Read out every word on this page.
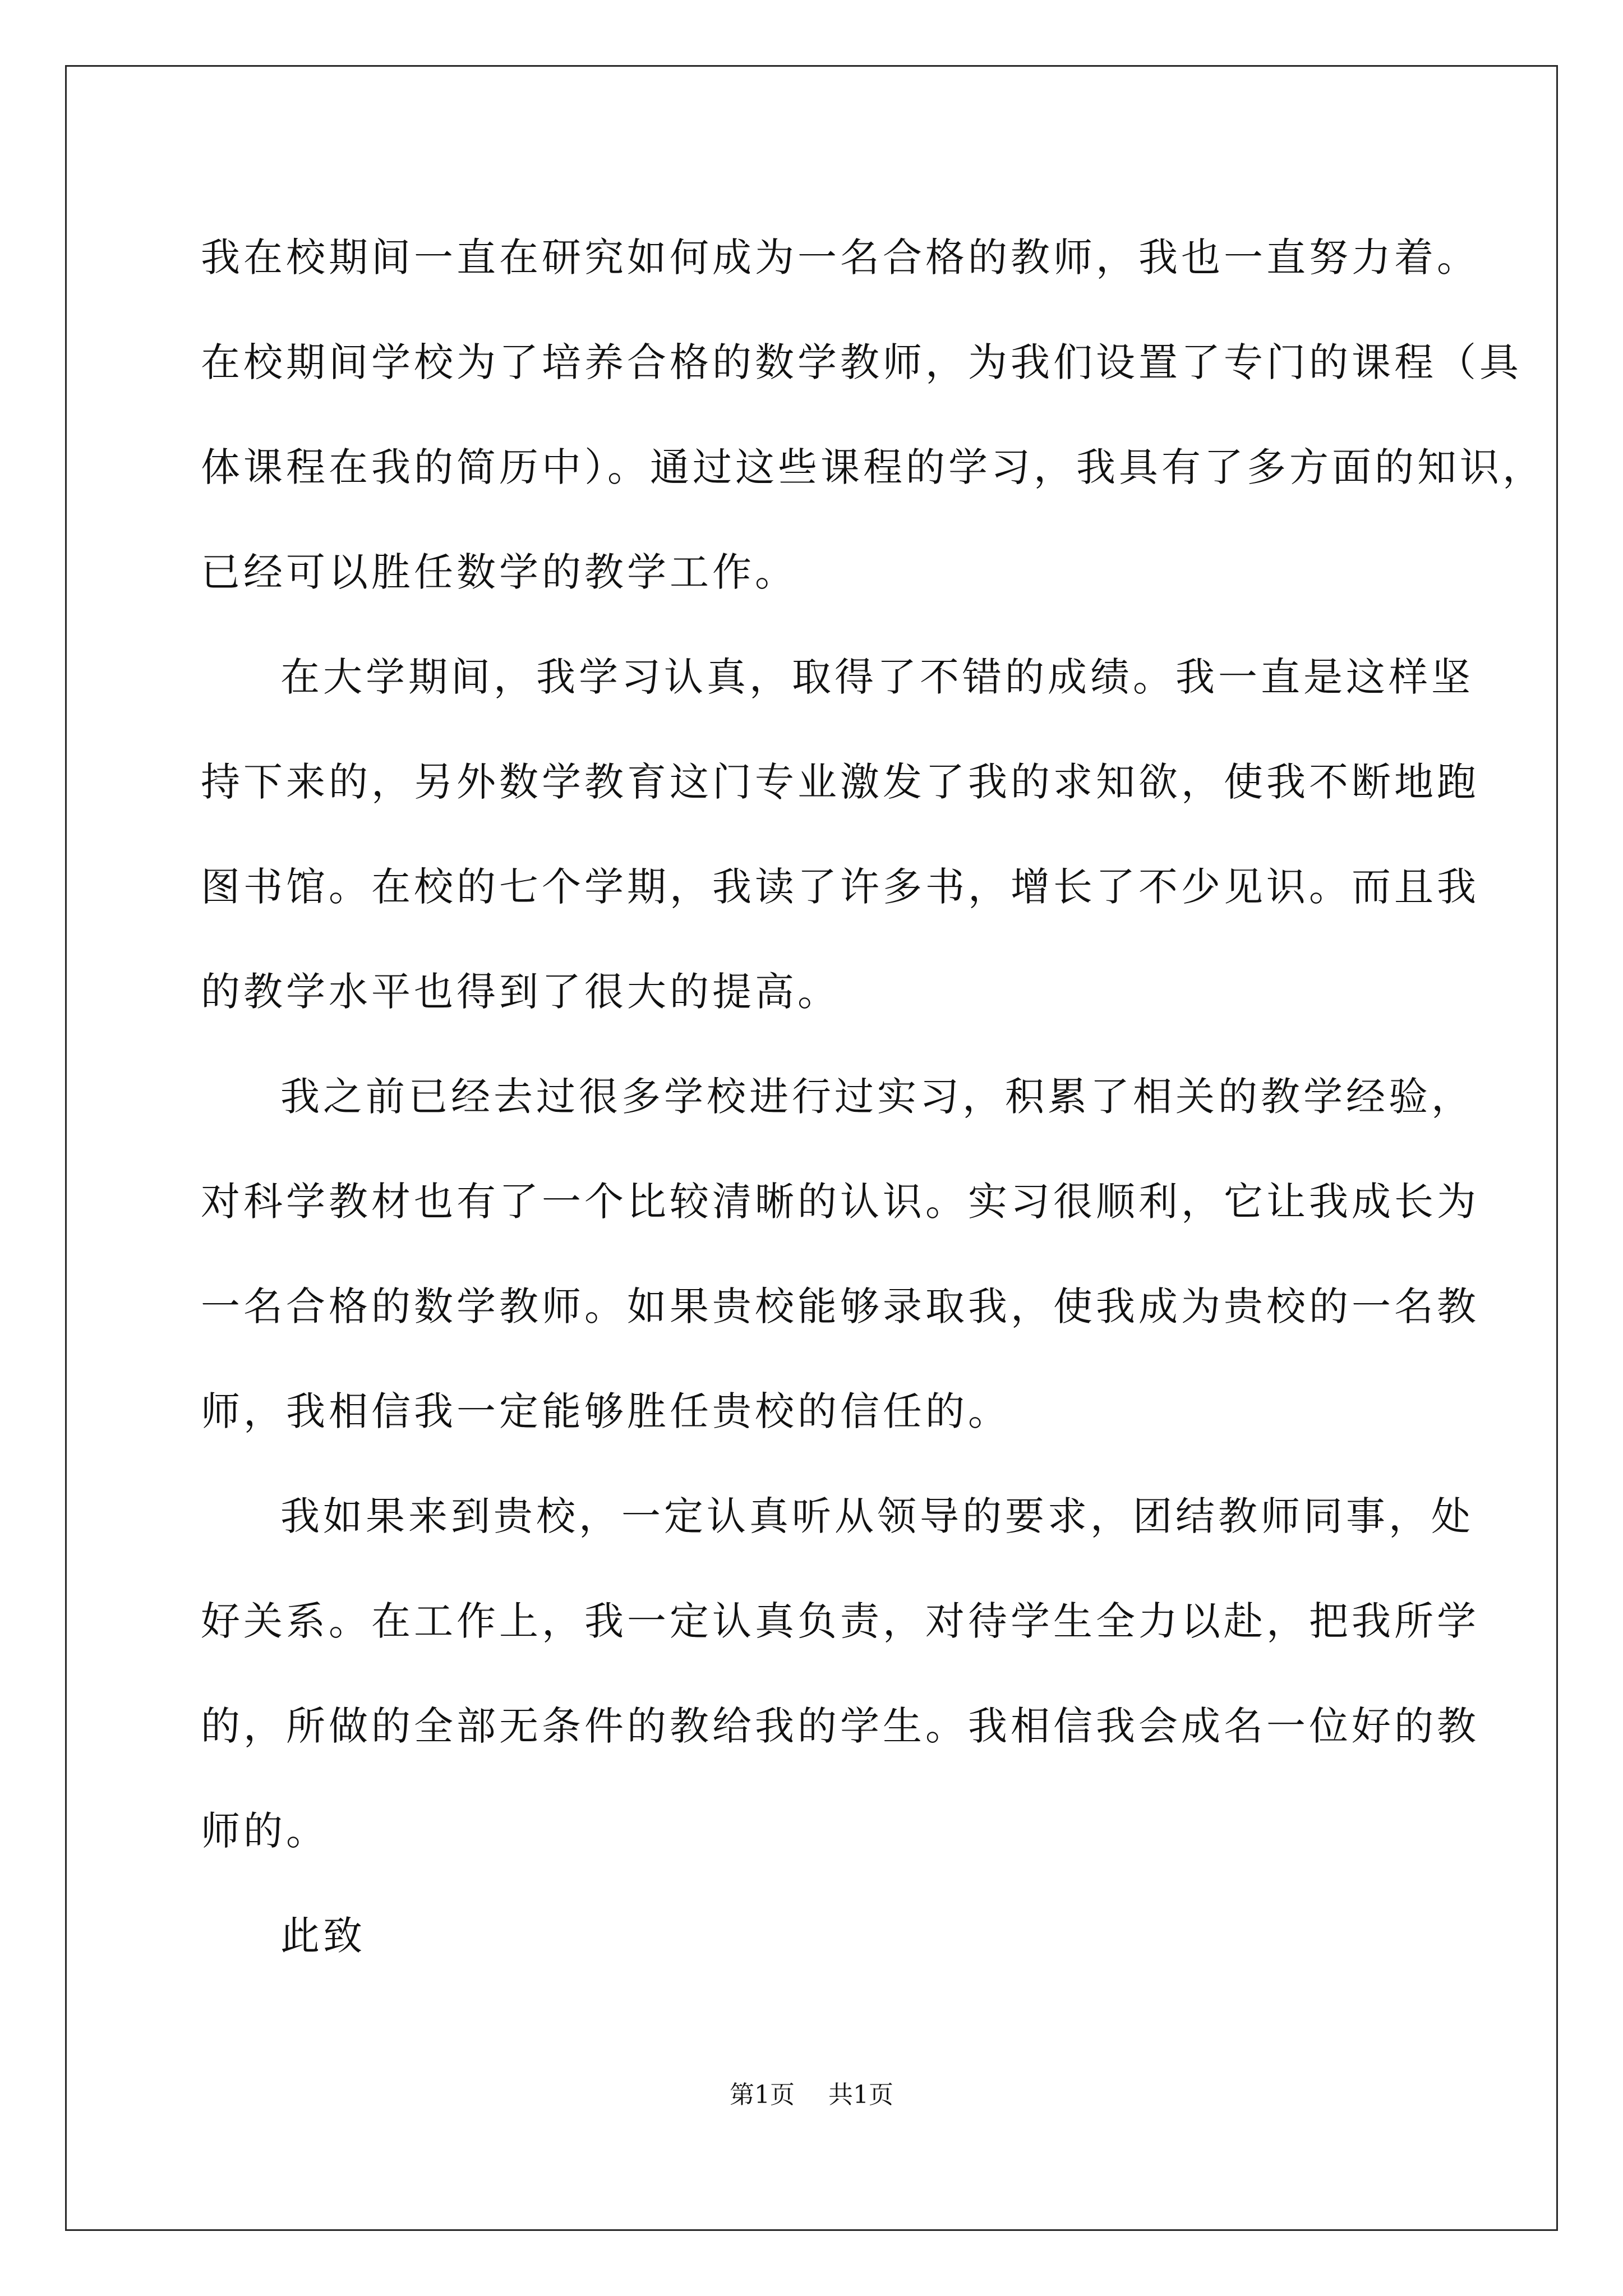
我在校期间一直在研究如何成为一名合格的教师，我也一直努力着。
在校期间学校为了培养合格的数学教师，为我们设置了专门的课程（具
体课程在我的简历中）。通过这些课程的学习，我具有了多方面的知识，
已经可以胜任数学的教学工作。
在大学期间，我学习认真，取得了不错的成绩。我一直是这样坚
持下来的，另外数学教育这门专业激发了我的求知欲，使我不断地跑
图书馆。在校的七个学期，我读了许多书，增长了不少见识。而且我
的教学水平也得到了很大的提高。
我之前已经去过很多学校进行过实习，积累了相关的教学经验，
对科学教材也有了一个比较清晰的认识。实习很顺利，它让我成长为
一名合格的数学教师。如果贵校能够录取我，使我成为贵校的一名教
师，我相信我一定能够胜任贵校的信任的。
我如果来到贵校，一定认真听从领导的要求，团结教师同事，处
好关系。在工作上，我一定认真负责，对待学生全力以赴，把我所学
的，所做的全部无条件的教给我的学生。我相信我会成名一位好的教
师的。
此致
第1页 共1页
